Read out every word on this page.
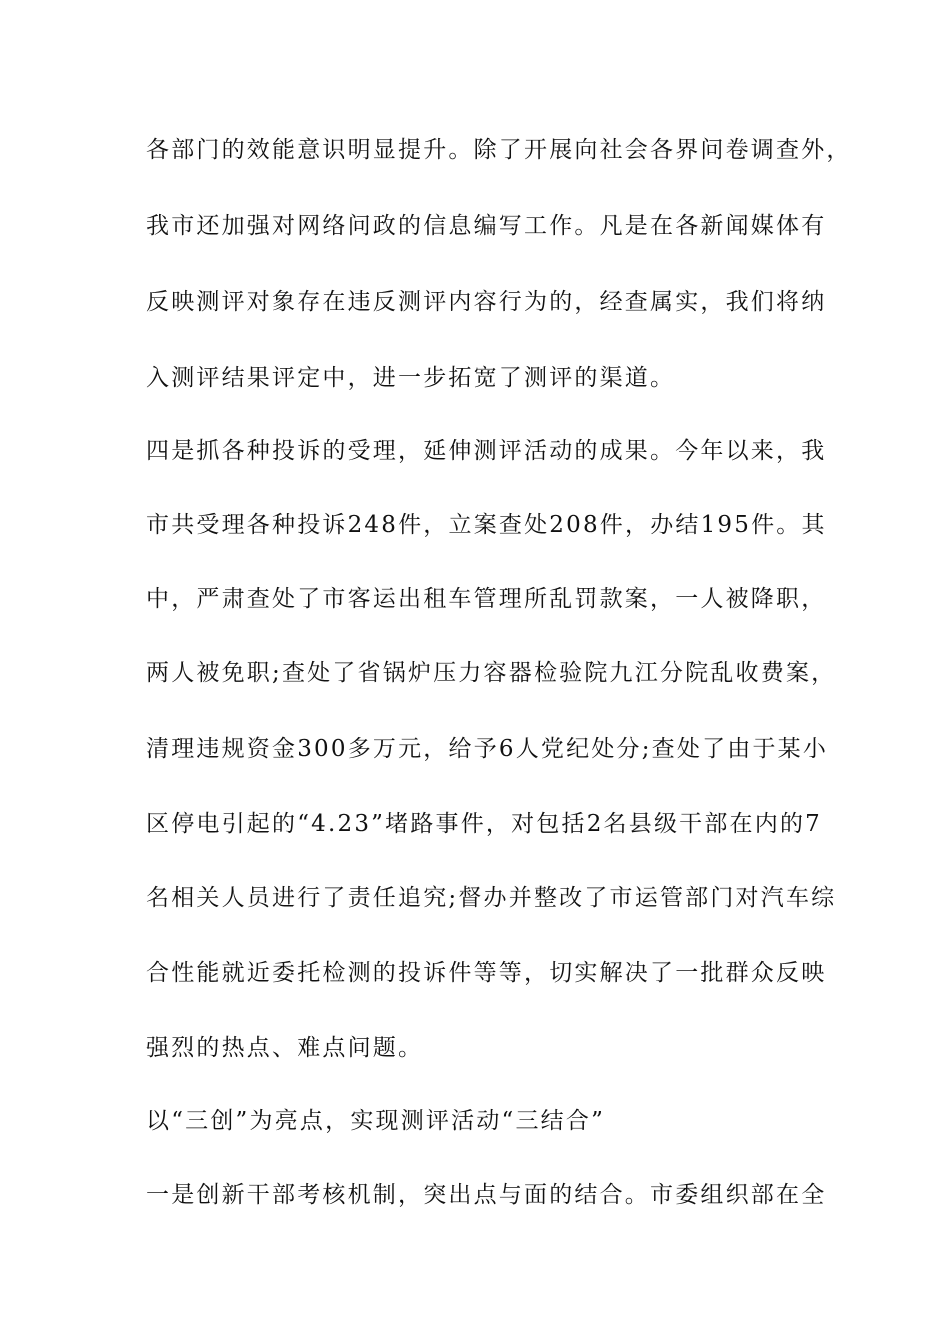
各部门的效能意识明显提升。除了开展向社会各界问卷调查外，
我市还加强对网络问政的信息编写工作。凡是在各新闻媒体有
反映测评对象存在违反测评内容行为的，经查属实，我们将纳
入测评结果评定中，进一步拓宽了测评的渠道。
四是抓各种投诉的受理，延伸测评活动的成果。今年以来，我
市共受理各种投诉248件，立案查处208件，办结195件。其
中，严肃查处了市客运出租车管理所乱罚款案，一人被降职，
两人被免职;查处了省锅炉压力容器检验院九江分院乱收费案，
清理违规资金300多万元，给予6人党纪处分;查处了由于某小
区停电引起的“4.23”堵路事件，对包括2名县级干部在内的7
名相关人员进行了责任追究;督办并整改了市运管部门对汽车综
合性能就近委托检测的投诉件等等，切实解决了一批群众反映
强烈的热点、难点问题。
以“三创”为亮点，实现测评活动“三结合”
一是创新干部考核机制，突出点与面的结合。市委组织部在全
